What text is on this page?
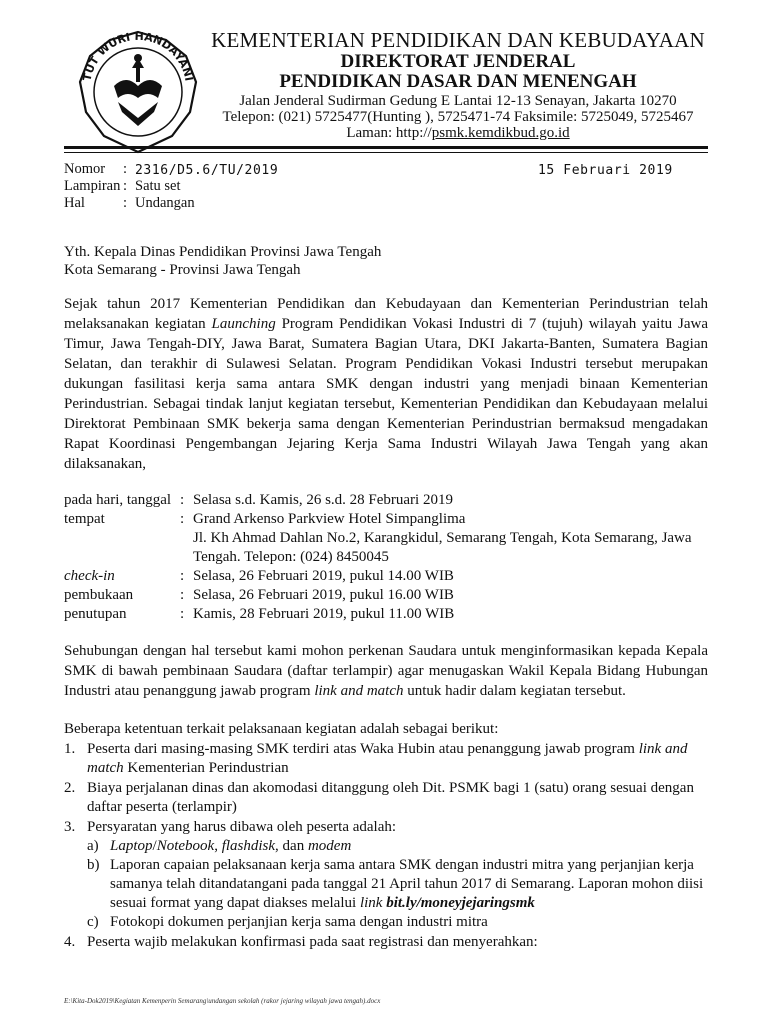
TUT WURI HANDAYANI
KEMENTERIAN PENDIDIKAN DAN KEBUDAYAAN
DIREKTORAT JENDERAL
PENDIDIKAN DASAR DAN MENENGAH
Jalan Jenderal Sudirman Gedung E Lantai 12-13 Senayan, Jakarta 10270
Telepon: (021) 5725477(Hunting ), 5725471-74 Faksimile: 5725049, 5725467
Laman: http://psmk.kemdikbud.go.id
Nomor : 2316/D5.6/TU/2019	15 Februari 2019
Lampiran : Satu set
Hal	: Undangan
Yth. Kepala Dinas Pendidikan Provinsi Jawa Tengah
Kota Semarang - Provinsi Jawa Tengah
Sejak tahun 2017 Kementerian Pendidikan dan Kebudayaan dan Kementerian Perindustrian telah
melaksanakan kegiatan Launching Program Pendidikan Vokasi Industri di 7 (tujuh) wilayah yaitu Jawa
Timur, Jawa Tengah-DIY, Jawa Barat, Sumatera Bagian Utara, DKI Jakarta-Banten, Sumatera Bagian
Selatan, dan terakhir di Sulawesi Selatan. Program Pendidikan Vokasi Industri tersebut merupakan
dukungan fasilitasi kerja sama antara SMK dengan industri yang menjadi binaan Kementerian
Perindustrian. Sebagai tindak lanjut kegiatan tersebut, Kementerian Pendidikan dan Kebudayaan melalui
Direktorat Pembinaan SMK bekerja sama dengan Kementerian Perindustrian bermaksud mengadakan
Rapat Koordinasi Pengembangan Jejaring Kerja Sama Industri Wilayah Jawa Tengah yang akan
dilaksanakan,
pada hari, tanggal : Selasa s.d. Kamis, 26 s.d. 28 Februari 2019
tempat	: Grand Arkenso Parkview Hotel Simpanglima
Jl. Kh Ahmad Dahlan No.2, Karangkidul, Semarang Tengah, Kota Semarang, Jawa
Tengah. Telepon: (024) 8450045
check-in	: Selasa, 26 Februari 2019, pukul 14.00 WIB
pembukaan	: Selasa, 26 Februari 2019, pukul 16.00 WIB
penutupan	: Kamis, 28 Februari 2019, pukul 11.00 WIB
Sehubungan dengan hal tersebut kami mohon perkenan Saudara untuk menginformasikan kepada Kepala
SMK di bawah pembinaan Saudara (daftar terlampir) agar menugaskan Wakil Kepala Bidang Hubungan
Industri atau penanggung jawab program link and match untuk hadir dalam kegiatan tersebut.
Beberapa ketentuan terkait pelaksanaan kegiatan adalah sebagai berikut:
1. Peserta dari masing-masing SMK terdiri atas Waka Hubin atau penanggung jawab program link and
match Kementerian Perindustrian
2. Biaya perjalanan dinas dan akomodasi ditanggung oleh Dit. PSMK bagi 1 (satu) orang sesuai dengan
daftar peserta (terlampir)
3. Persyaratan yang harus dibawa oleh peserta adalah:
a) Laptop/Notebook, flashdisk, dan modem
b) Laporan capaian pelaksanaan kerja sama antara SMK dengan industri mitra yang perjanjian kerja
samanya telah ditandatangani pada tanggal 21 April tahun 2017 di Semarang. Laporan mohon diisi
sesuai format yang dapat diakses melalui link bit.ly/moneyjejaringsmk
c) Fotokopi dokumen perjanjian kerja sama dengan industri mitra
4. Peserta wajib melakukan konfirmasi pada saat registrasi dan menyerahkan:
E:\Kita-Dok2019\Kegiatan Kemenperin Semarang\undangan sekolah (rakor jejaring wilayah jawa tengah).docx
